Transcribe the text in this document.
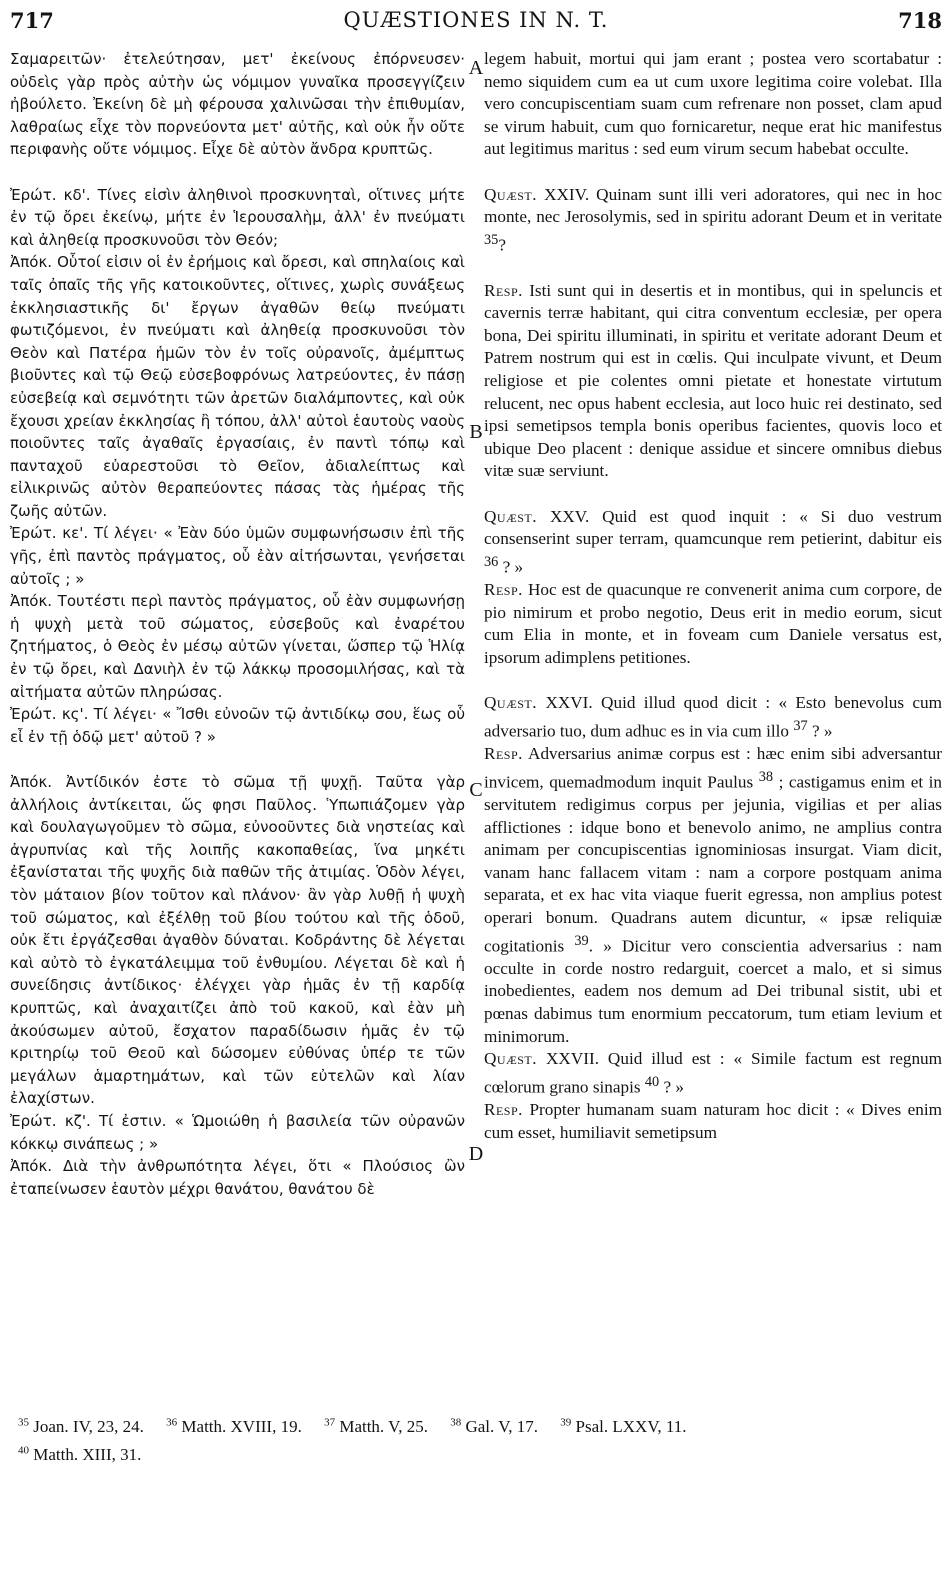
717	QUÆSTIONES IN N. T.	718

Σαμαρειτῶν· ἐτελεύτησαν, μετ' ἐκείνους ἐπόρνευσεν· οὐδεὶς γὰρ πρὸς αὐτὴν ὡς νόμιμον γυναῖκα προσεγγίζειν ἠβούλετο. Ἐκείνη δὲ μὴ φέρουσα χαλινῶσαι τὴν ἐπιθυμίαν, λαθραίως εἶχε τὸν πορνεύοντα μετ' αὐτῆς, καὶ οὐκ ἦν οὔτε περιφανὴς οὔτε νόμιμος. Εἶχε δὲ αὐτὸν ἄνδρα κρυπτῶς.

Ἐρώτ. κδ'. Τίνες εἰσὶν ἀληθινοὶ προσκυνηταὶ, οἵτινες μήτε ἐν τῷ ὄρει ἐκείνῳ, μήτε ἐν Ἱερουσαλὴμ, ἀλλ' ἐν πνεύματι καὶ ἀληθείᾳ προσκυνοῦσι τὸν Θεόν;

Ἀπόκ. Οὗτοί εἰσιν οἱ ἐν ἐρήμοις καὶ ὄρεσι, καὶ σπηλαίοις καὶ ταῖς ὀπαῖς τῆς γῆς κατοικοῦντες, οἵτινες, χωρὶς συνάξεως ἐκκλησιαστικῆς δι' ἔργων ἀγαθῶν θείῳ πνεύματι φωτιζόμενοι, ἐν πνεύματι καὶ ἀληθείᾳ προσκυνοῦσι τὸν Θεὸν καὶ Πατέρα ἡμῶν τὸν ἐν τοῖς οὐρανοῖς, ἀμέμπτως βιοῦντες καὶ τῷ Θεῷ εὐσεβοφρόνως λατρεύοντες, ἐν πάσῃ εὐσεβείᾳ καὶ σεμνότητι τῶν ἀρετῶν διαλάμποντες, καὶ οὐκ ἔχουσι χρείαν ἐκκλησίας ἢ τόπου, ἀλλ' αὐτοὶ ἑαυτοὺς ναοὺς ποιοῦντες ταῖς ἀγαθαῖς ἐργασίαις, ἐν παντὶ τόπῳ καὶ πανταχοῦ εὐαρεστοῦσι τὸ Θεῖον, ἀδιαλείπτως καὶ εἰλικρινῶς αὐτὸν θεραπεύοντες πάσας τὰς ἡμέρας τῆς ζωῆς αὐτῶν.

Ἐρώτ. κε'. Τί λέγει· « Ἐὰν δύο ὑμῶν συμφωνήσωσιν ἐπὶ τῆς γῆς, ἐπὶ παντὸς πράγματος, οὗ ἐὰν αἰτήσωνται, γενήσεται αὐτοῖς ; »

Ἀπόκ. Τουτέστι περὶ παντὸς πράγματος, οὗ ἐὰν συμφωνήσῃ ἡ ψυχὴ μετὰ τοῦ σώματος, εὐσεβοῦς καὶ ἐναρέτου ζητήματος, ὁ Θεὸς ἐν μέσῳ αὐτῶν γίνεται, ὥσπερ τῷ Ἡλίᾳ ἐν τῷ ὄρει, καὶ Δανιὴλ ἐν τῷ λάκκῳ προσομιλήσας, καὶ τὰ αἰτήματα αὐτῶν πληρώσας.

Ἐρώτ. κς'. Τί λέγει· « Ἴσθι εὐνοῶν τῷ ἀντιδίκῳ σου, ἕως οὗ εἶ ἐν τῇ ὁδῷ μετ' αὐτοῦ ? »

Ἀπόκ. Ἀντίδικόν ἐστε τὸ σῶμα τῇ ψυχῇ. Ταῦτα γὰρ ἀλλήλοις ἀντίκειται, ὥς φησι Παῦλος. Ὑπωπιάζομεν γὰρ καὶ δουλαγωγοῦμεν τὸ σῶμα, εὐνοοῦντες διὰ νηστείας καὶ ἀγρυπνίας καὶ τῆς λοιπῆς κακοπαθείας, ἵνα μηκέτι ἐξανίσταται τῆς ψυχῆς διὰ παθῶν τῆς ἀτιμίας. Ὁδὸν λέγει, τὸν μάταιον βίον τοῦτον καὶ πλάνον· ἂν γὰρ λυθῇ ἡ ψυχὴ τοῦ σώματος, καὶ ἐξέλθῃ τοῦ βίου τούτου καὶ τῆς ὁδοῦ, οὐκ ἔτι ἐργάζεσθαι ἀγαθὸν δύναται. Κοδράντης δὲ λέγεται καὶ αὐτὸ τὸ ἐγκατάλειμμα τοῦ ἐνθυμίου. Λέγεται δὲ καὶ ἡ συνείδησις ἀντίδικος· ἐλέγχει γὰρ ἡμᾶς ἐν τῇ καρδίᾳ κρυπτῶς, καὶ ἀναχαιτίζει ἀπὸ τοῦ κακοῦ, καὶ ἐὰν μὴ ἀκούσωμεν αὐτοῦ, ἔσχατον παραδίδωσιν ἡμᾶς ἐν τῷ κριτηρίῳ τοῦ Θεοῦ καὶ δώσομεν εὐθύνας ὑπέρ τε τῶν μεγάλων ἁμαρτημάτων, καὶ τῶν εὐτελῶν καὶ λίαν ἐλαχίστων.

Ἐρώτ. κζ'. Τί ἐστιν. « Ὡμοιώθη ἡ βασιλεία τῶν οὐρανῶν κόκκῳ σινάπεως ; »

Ἀπόκ. Διὰ τὴν ἀνθρωπότητα λέγει, ὅτι « Πλούσιος ὢν ἐταπείνωσεν ἑαυτὸν μέχρι θανάτου, θανάτου δὲ

A
B
C
D

legem habuit, mortui qui jam erant ; postea vero scortabatur : nemo siquidem cum ea ut cum uxore legitima coire volebat. Illa vero concupiscentiam suam cum refrenare non posset, clam apud se virum habuit, cum quo fornicaretur, neque erat hic manifestus aut legitimus maritus : sed eum virum secum habebat occulte.

Quæst. XXIV. Quinam sunt illi veri adoratores, qui nec in hoc monte, nec Jerosolymis, sed in spiritu adorant Deum et in veritate $^{35}$?

Resp. Isti sunt qui in desertis et in montibus, qui in speluncis et cavernis terræ habitant, qui citra conventum ecclesiæ, per opera bona, Dei spiritu illuminati, in spiritu et veritate adorant Deum et Patrem nostrum qui est in cœlis. Qui inculpate vivunt, et Deum religiose et pie colentes omni pietate et honestate virtutum relucent, nec opus habent ecclesia, aut loco huic rei destinato, sed ipsi semetipsos templa bonis operibus facientes, quovis loco et ubique Deo placent : denique assidue et sincere omnibus diebus vitæ suæ serviunt.

Quæst. XXV. Quid est quod inquit : « Si duo vestrum consenserint super terram, quamcunque rem petierint, dabitur eis $^{36}$ ? »

Resp. Hoc est de quacunque re convenerit anima cum corpore, de pio nimirum et probo negotio, Deus erit in medio eorum, sicut cum Elia in monte, et in foveam cum Daniele versatus est, ipsorum adimplens petitiones.

Quæst. XXVI. Quid illud quod dicit : « Esto benevolus cum adversario tuo, dum adhuc es in via cum illo $^{37}$ ? »

Resp. Adversarius animæ corpus est : hæc enim sibi adversantur invicem, quemadmodum inquit Paulus $^{38}$ ; castigamus enim et in servitutem redigimus corpus per jejunia, vigilias et per alias afflictiones : idque bono et benevolo animo, ne amplius contra animam per concupiscentias ignominiosas insurgat. Viam dicit, vanam hanc fallacem vitam : nam a corpore postquam anima separata, et ex hac vita viaque fuerit egressa, non amplius potest operari bonum. Quadrans autem dicuntur, « ipsæ reliquiæ cogitationis $^{39}$. » Dicitur vero conscientia adversarius : nam occulte in corde nostro redarguit, coercet a malo, et si simus inobedientes, eadem nos demum ad Dei tribunal sistit, ubi et pœnas dabimus tum enormium peccatorum, tum etiam levium et minimorum.

Quæst. XXVII. Quid illud est : « Simile factum est regnum cœlorum grano sinapis $^{40}$ ? »

Resp. Propter humanam suam naturam hoc dicit : « Dives enim cum esset, humiliavit semetipsum

$^{35}$ Joan. IV, 23, 24. $^{36}$ Matth. XVIII, 19. $^{37}$ Matth. V, 25. $^{38}$ Gal. V, 17. $^{39}$ Psal. LXXV, 11.
$^{40}$ Matth. XIII, 31.
